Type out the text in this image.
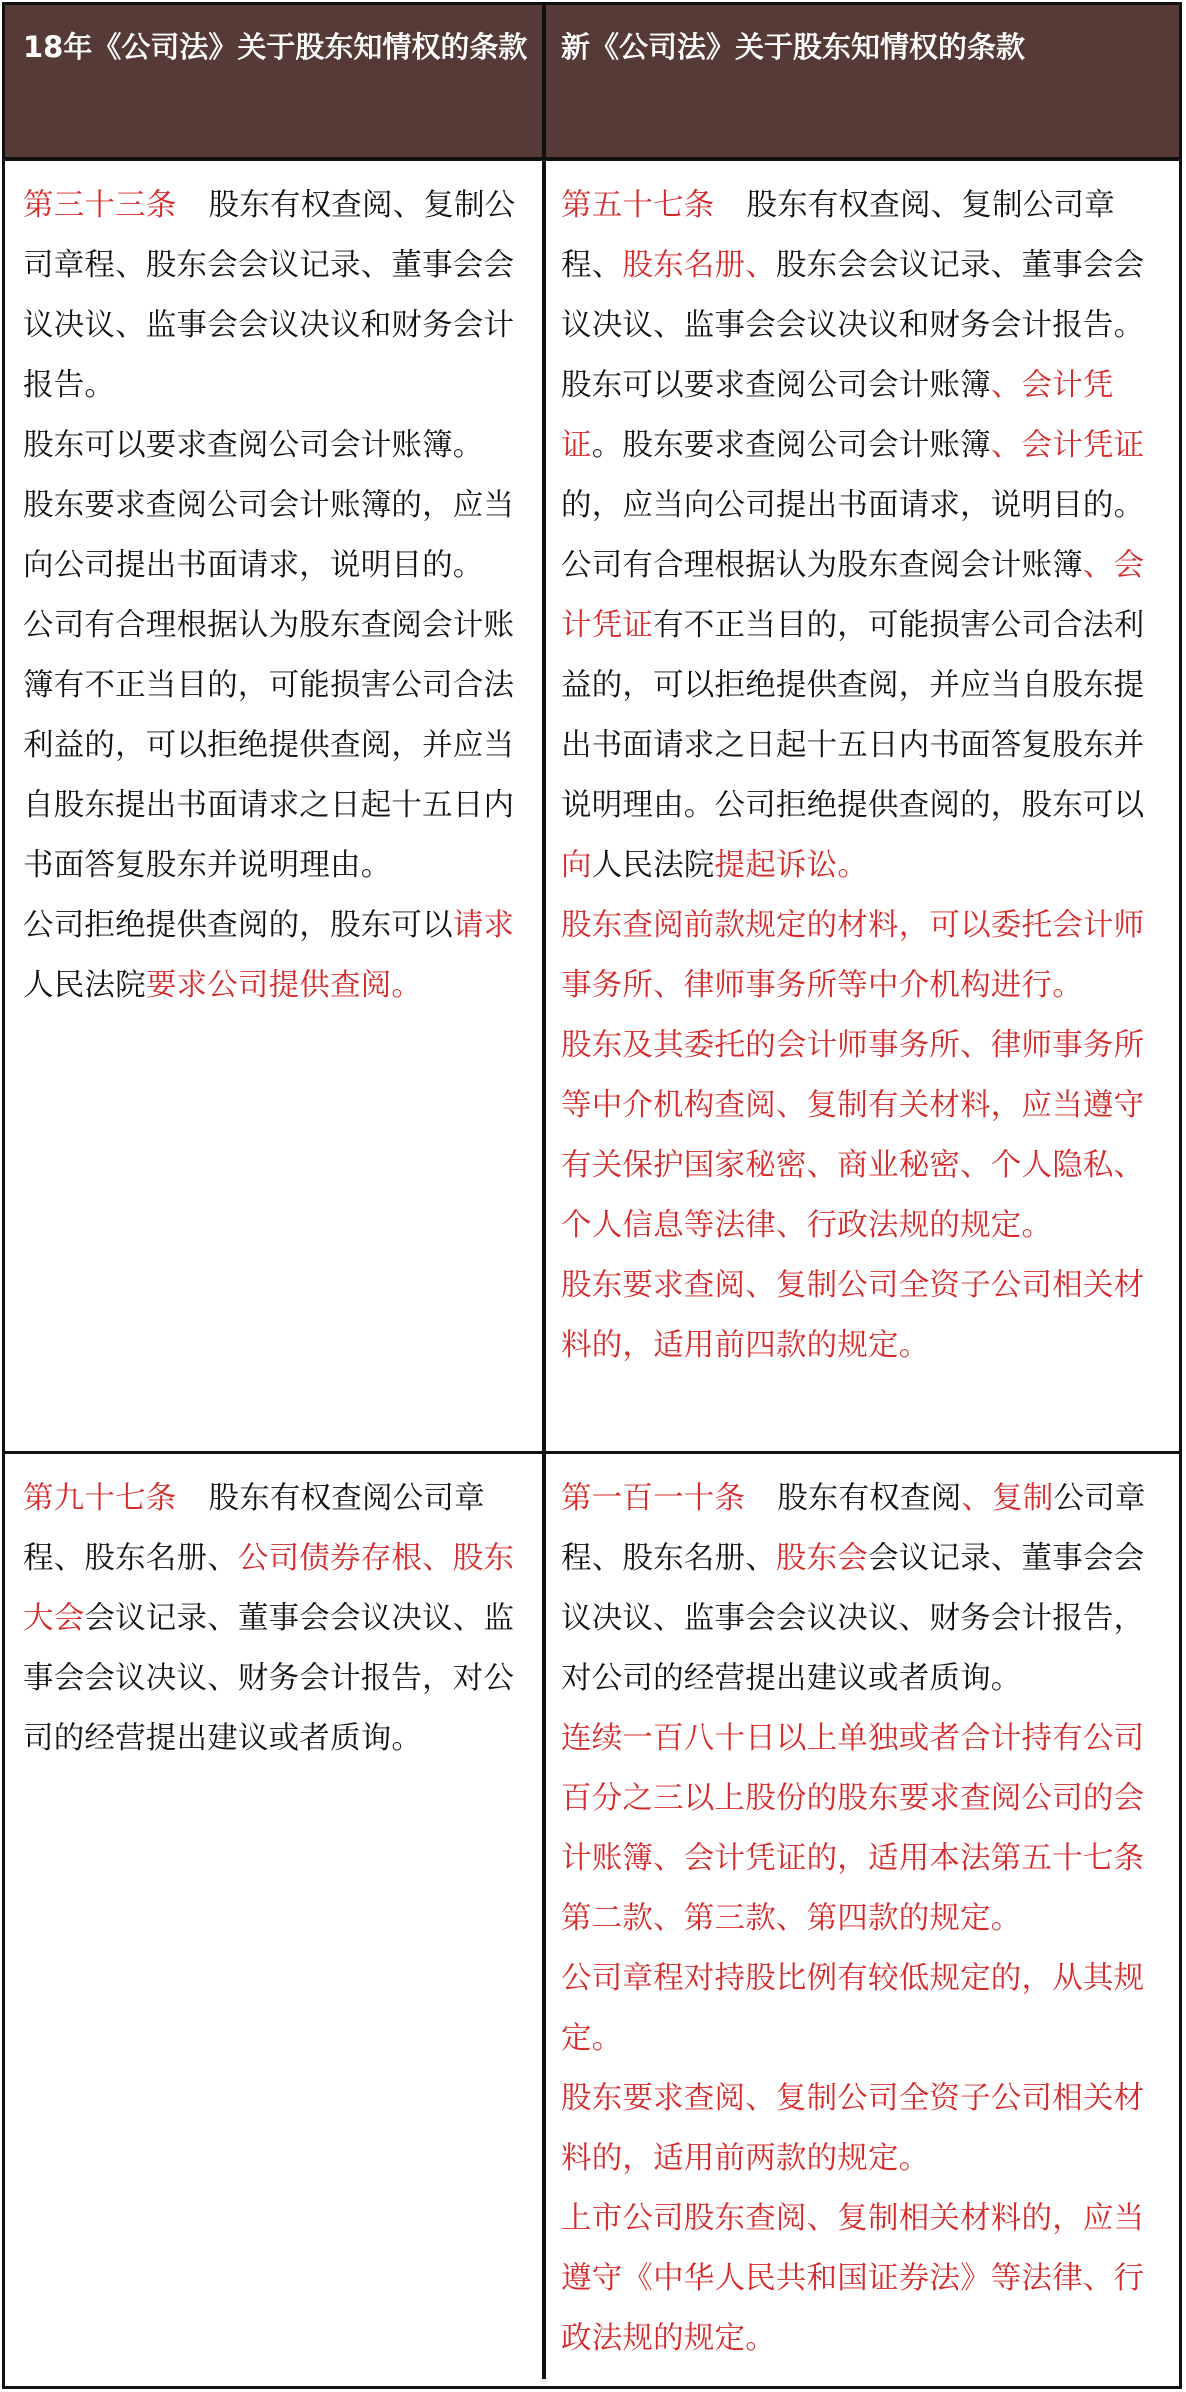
18年《公司法》关于股东知情权的条款	新《公司法》关于股东知情权的条款

第三十三条 股东有权查阅、复制公司章程、股东会会议记录、董事会会议决议、监事会会议决议和财务会计报告。

股东可以要求查阅公司会计账簿。

股东要求查阅公司会计账簿的，应当向公司提出书面请求，说明目的。

公司有合理根据认为股东查阅会计账簿有不正当目的，可能损害公司合法利益的，可以拒绝提供查阅，并应当自股东提出书面请求之日起十五日内书面答复股东并说明理由。

公司拒绝提供查阅的，股东可以请求人民法院要求公司提供查阅。

第五十七条 股东有权查阅、复制公司章程、股东名册、股东会会议记录、董事会会议决议、监事会会议决议和财务会计报告。

股东可以要求查阅公司会计账簿、会计凭证。股东要求查阅公司会计账簿、会计凭证的，应当向公司提出书面请求，说明目的。公司有合理根据认为股东查阅会计账簿、会计凭证有不正当目的，可能损害公司合法利益的，可以拒绝提供查阅，并应当自股东提出书面请求之日起十五日内书面答复股东并说明理由。公司拒绝提供查阅的，股东可以向人民法院提起诉讼。

股东查阅前款规定的材料，可以委托会计师事务所、律师事务所等中介机构进行。

股东及其委托的会计师事务所、律师事务所等中介机构查阅、复制有关材料，应当遵守有关保护国家秘密、商业秘密、个人隐私、个人信息等法律、行政法规的规定。

股东要求查阅、复制公司全资子公司相关材料的，适用前四款的规定。

第九十七条 股东有权查阅公司章程、股东名册、公司债券存根、股东大会会议记录、董事会会议决议、监事会会议决议、财务会计报告，对公司的经营提出建议或者质询。

第一百一十条 股东有权查阅、复制公司章程、股东名册、股东会会议记录、董事会会议决议、监事会会议决议、财务会计报告，对公司的经营提出建议或者质询。

连续一百八十日以上单独或者合计持有公司百分之三以上股份的股东要求查阅公司的会计账簿、会计凭证的，适用本法第五十七条第二款、第三款、第四款的规定。

公司章程对持股比例有较低规定的，从其规定。

股东要求查阅、复制公司全资子公司相关材料的，适用前两款的规定。

上市公司股东查阅、复制相关材料的，应当遵守《中华人民共和国证券法》等法律、行政法规的规定。
